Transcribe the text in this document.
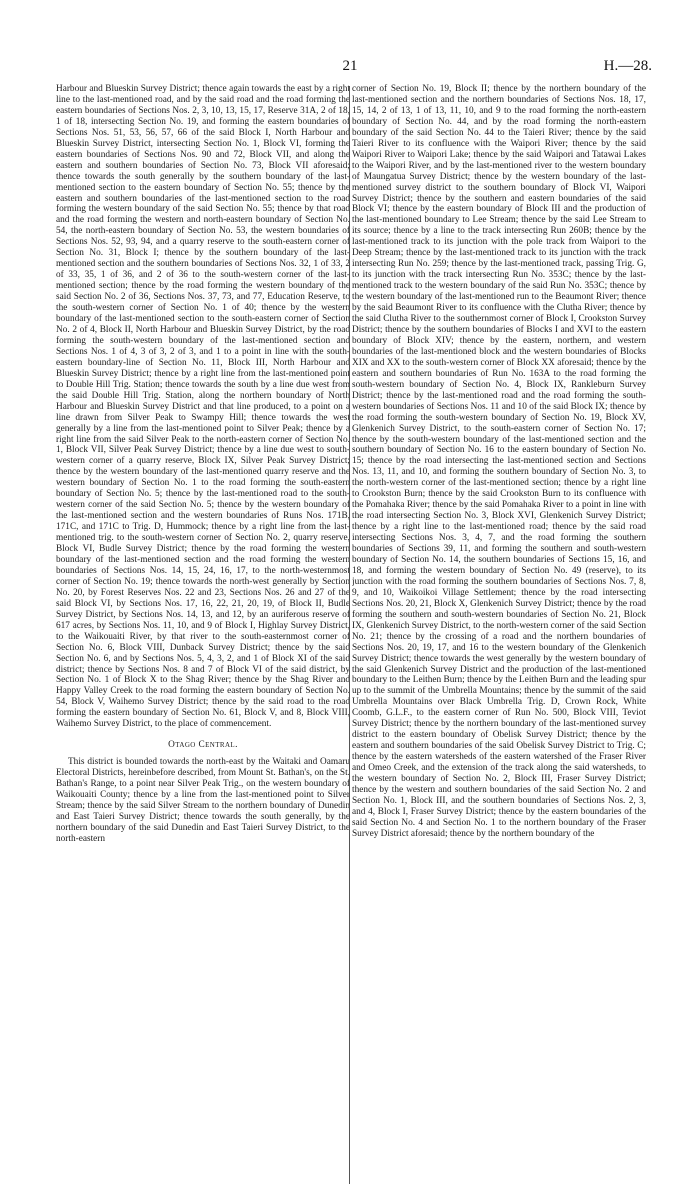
21	H.—28.

Harbour and Blueskin Survey District; thence again towards the east by a right line to the last-mentioned road, and by the said road and the road forming the eastern boundaries of Sections Nos. 2, 3, 10, 13, 15, 17, Reserve 31A, 2 of 18, 1 of 18, intersecting Section No. 19, and forming the eastern boundaries of Sections Nos. 51, 53, 56, 57, 66 of the said Block I, North Harbour and Blueskin Survey District, intersecting Section No. 1, Block VI, forming the eastern boundaries of Sections Nos. 90 and 72, Block VII, and along the eastern and southern boundaries of Section No. 73, Block VII aforesaid; thence towards the south generally by the southern boundary of the last-mentioned section to the eastern boundary of Section No. 55; thence by the eastern and southern boundaries of the last-mentioned section to the road forming the western boundary of the said Section No. 55; thence by that road and the road forming the western and north-eastern boundary of Section No. 54, the north-eastern boundary of Section No. 53, the western boundaries of Sections Nos. 52, 93, 94, and a quarry reserve to the south-eastern corner of Section No. 31, Block I; thence by the southern boundary of the last-mentioned section and the southern boundaries of Sections Nos. 32, 1 of 33, 2 of 33, 35, 1 of 36, and 2 of 36 to the south-western corner of the last-mentioned section; thence by the road forming the western boundary of the said Section No. 2 of 36, Sections Nos. 37, 73, and 77, Education Reserve, to the south-western corner of Section No. 1 of 40; thence by the western boundary of the last-mentioned section to the south-eastern corner of Section No. 2 of 4, Block II, North Harbour and Blueskin Survey District, by the road forming the south-western boundary of the last-mentioned section and Sections Nos. 1 of 4, 3 of 3, 2 of 3, and 1 to a point in line with the south-eastern boundary-line of Section No. 11, Block III, North Harbour and Blueskin Survey District; thence by a right line from the last-mentioned point to Double Hill Trig. Station; thence towards the south by a line due west from the said Double Hill Trig. Station, along the northern boundary of North Harbour and Blueskin Survey District and that line produced, to a point on a line drawn from Silver Peak to Swampy Hill; thence towards the west generally by a line from the last-mentioned point to Silver Peak; thence by a right line from the said Silver Peak to the north-eastern corner of Section No. 1, Block VII, Silver Peak Survey District; thence by a line due west to south-western corner of a quarry reserve, Block IX, Silver Peak Survey District; thence by the western boundary of the last-mentioned quarry reserve and the western boundary of Section No. 1 to the road forming the south-eastern boundary of Section No. 5; thence by the last-mentioned road to the south-western corner of the said Section No. 5; thence by the western boundary of the last-mentioned section and the western boundaries of Runs Nos. 171B, 171C, and 171C to Trig. D, Hummock; thence by a right line from the last-mentioned trig. to the south-western corner of Section No. 2, quarry reserve, Block VI, Budle Survey District; thence by the road forming the western boundary of the last-mentioned section and the road forming the western boundaries of Sections Nos. 14, 15, 24, 16, 17, to the north-westernmost corner of Section No. 19; thence towards the north-west generally by Section No. 20, by Forest Reserves Nos. 22 and 23, Sections Nos. 26 and 27 of the said Block VI, by Sections Nos. 17, 16, 22, 21, 20, 19, of Block II, Budle Survey District, by Sections Nos. 14, 13, and 12, by an auriferous reserve of 617 acres, by Sections Nos. 11, 10, and 9 of Block I, Highlay Survey District, to the Waikouaiti River, by that river to the south-easternmost corner of Section No. 6, Block VIII, Dunback Survey District; thence by the said Section No. 6, and by Sections Nos. 5, 4, 3, 2, and 1 of Block XI of the said district; thence by Sections Nos. 8 and 7 of Block VI of the said district, by Section No. 1 of Block X to the Shag River; thence by the Shag River and Happy Valley Creek to the road forming the eastern boundary of Section No. 54, Block V, Waihemo Survey District; thence by the said road to the road forming the eastern boundary of Section No. 61, Block V, and 8, Block VIII, Waihemo Survey District, to the place of commencement.

Otago Central.

This district is bounded towards the north-east by the Waitaki and Oamaru Electoral Districts, hereinbefore described, from Mount St. Bathan's, on the St. Bathan's Range, to a point near Silver Peak Trig., on the western boundary of Waikouaiti County; thence by a line from the last-mentioned point to Silver Stream; thence by the said Silver Stream to the northern boundary of Dunedin and East Taieri Survey District; thence towards the south generally, by the northern boundary of the said Dunedin and East Taieri Survey District, to the north-eastern

corner of Section No. 19, Block II; thence by the northern boundary of the last-mentioned section and the northern boundaries of Sections Nos. 18, 17, 15, 14, 2 of 13, 1 of 13, 11, 10, and 9 to the road forming the north-eastern boundary of Section No. 44, and by the road forming the north-eastern boundary of the said Section No. 44 to the Taieri River; thence by the said Taieri River to its confluence with the Waipori River; thence by the said Waipori River to Waipori Lake; thence by the said Waipori and Tatawai Lakes to the Waipori River, and by the last-mentioned river to the western boundary of Maungatua Survey District; thence by the western boundary of the last-mentioned survey district to the southern boundary of Block VI, Waipori Survey District; thence by the southern and eastern boundaries of the said Block VI; thence by the eastern boundary of Block III and the production of the last-mentioned boundary to Lee Stream; thence by the said Lee Stream to its source; thence by a line to the track intersecting Run 260B; thence by the last-mentioned track to its junction with the pole track from Waipori to the Deep Stream; thence by the last-mentioned track to its junction with the track intersecting Run No. 259; thence by the last-mentioned track, passing Trig. G, to its junction with the track intersecting Run No. 353C; thence by the last-mentioned track to the western boundary of the said Run No. 353C; thence by the western boundary of the last-mentioned run to the Beaumont River; thence by the said Beaumont River to its confluence with the Clutha River; thence by the said Clutha River to the southernmost corner of Block I, Crookston Survey District; thence by the southern boundaries of Blocks I and XVI to the eastern boundary of Block XIV; thence by the eastern, northern, and western boundaries of the last-mentioned block and the western boundaries of Blocks XIX and XX to the south-western corner of Block XX aforesaid; thence by the eastern and southern boundaries of Run No. 163A to the road forming the south-western boundary of Section No. 4, Block IX, Rankleburn Survey District; thence by the last-mentioned road and the road forming the south-western boundaries of Sections Nos. 11 and 10 of the said Block IX; thence by the road forming the south-western boundary of Section No. 19, Block XV, Glenkenich Survey District, to the south-eastern corner of Section No. 17; thence by the south-western boundary of the last-mentioned section and the southern boundary of Section No. 16 to the eastern boundary of Section No. 15; thence by the road intersecting the last-mentioned section and Sections Nos. 13, 11, and 10, and forming the southern boundary of Section No. 3, to the north-western corner of the last-mentioned section; thence by a right line to Crookston Burn; thence by the said Crookston Burn to its confluence with the Pomahaka River; thence by the said Pomahaka River to a point in line with the road intersecting Section No. 3, Block XVI, Glenkenich Survey District; thence by a right line to the last-mentioned road; thence by the said road intersecting Sections Nos. 3, 4, 7, and the road forming the southern boundaries of Sections 39, 11, and forming the southern and south-western boundary of Section No. 14, the southern boundaries of Sections 15, 16, and 18, and forming the western boundary of Section No. 49 (reserve), to its junction with the road forming the southern boundaries of Sections Nos. 7, 8, 9, and 10, Waikoikoi Village Settlement; thence by the road intersecting Sections Nos. 20, 21, Block X, Glenkenich Survey District; thence by the road forming the southern and south-western boundaries of Section No. 21, Block IX, Glenkenich Survey District, to the north-western corner of the said Section No. 21; thence by the crossing of a road and the northern boundaries of Sections Nos. 20, 19, 17, and 16 to the western boundary of the Glenkenich Survey District; thence towards the west generally by the western boundary of the said Glenkenich Survey District and the production of the last-mentioned boundary to the Leithen Burn; thence by the Leithen Burn and the leading spur up to the summit of the Umbrella Mountains; thence by the summit of the said Umbrella Mountains over Black Umbrella Trig. D, Crown Rock, White Coomb, G.L.F., to the eastern corner of Run No. 500, Block VIII, Teviot Survey District; thence by the northern boundary of the last-mentioned survey district to the eastern boundary of Obelisk Survey District; thence by the eastern and southern boundaries of the said Obelisk Survey District to Trig. C; thence by the eastern watersheds of the eastern watershed of the Fraser River and Omeo Creek, and the extension of the track along the said watersheds, to the western boundary of Section No. 2, Block III, Fraser Survey District; thence by the western and southern boundaries of the said Section No. 2 and Section No. 1, Block III, and the southern boundaries of Sections Nos. 2, 3, and 4, Block I, Fraser Survey District; thence by the eastern boundaries of the said Section No. 4 and Section No. 1 to the northern boundary of the Fraser Survey District aforesaid; thence by the northern boundary of the
